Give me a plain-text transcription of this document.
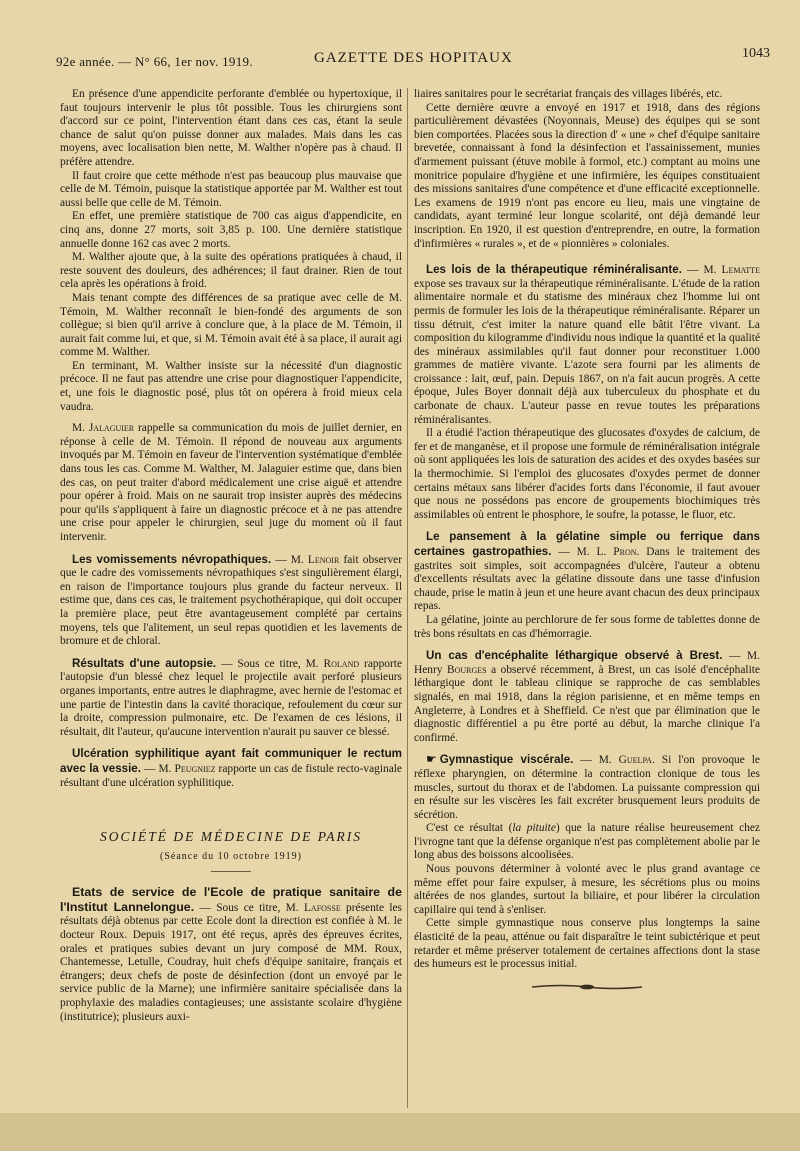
92e année. — N° 66, 1er nov. 1919.	GAZETTE DES HOPITAUX	1043

En présence d'une appendicite perforante d'emblée ou hypertoxique, il faut toujours intervenir le plus tôt possible. Tous les chirurgiens sont d'accord sur ce point, l'intervention étant dans ces cas, étant la seule chance de salut qu'on puisse donner aux malades. Mais dans les cas moyens, avec localisation bien nette, M. Walther n'opère pas à chaud. Il préfère attendre.

Il faut croire que cette méthode n'est pas beaucoup plus mauvaise que celle de M. Témoin, puisque la statistique apportée par M. Walther est tout aussi belle que celle de M. Témoin.

En effet, une première statistique de 700 cas aigus d'appendicite, en cinq ans, donne 27 morts, soit 3,85 p. 100. Une dernière statistique annuelle donne 162 cas avec 2 morts.

M. Walther ajoute que, à la suite des opérations pratiquées à chaud, il reste souvent des douleurs, des adhérences; il faut drainer. Rien de tout cela après les opérations à froid.

Mais tenant compte des différences de sa pratique avec celle de M. Témoin, M. Walther reconnaît le bien-fondé des arguments de son collègue; si bien qu'il arrive à conclure que, à la place de M. Témoin, il aurait fait comme lui, et que, si M. Témoin avait été à sa place, il aurait agi comme M. Walther.

En terminant, M. Walther insiste sur la nécessité d'un diagnostic précoce. Il ne faut pas attendre une crise pour diagnostiquer l'appendicite, et, une fois le diagnostic posé, plus tôt on opérera à froid mieux cela vaudra.

M. Jalaguier rappelle sa communication du mois de juillet dernier, en réponse à celle de M. Témoin. Il répond de nouveau aux arguments invoqués par M. Témoin en faveur de l'intervention systématique d'emblée dans tous les cas. Comme M. Walther, M. Jalaguier estime que, dans bien des cas, on peut traiter d'abord médicalement une crise aiguë et attendre pour opérer à froid. Mais on ne saurait trop insister auprès des médecins pour qu'ils s'appliquent à faire un diagnostic précoce et à ne pas attendre une crise pour appeler le chirurgien, seul juge du moment où il faut intervenir.

Les vomissements névropathiques. — M. Lenoir fait observer que le cadre des vomissements névropathiques s'est singulièrement élargi, en raison de l'importance toujours plus grande du facteur nerveux. Il estime que, dans ces cas, le traitement psychothérapique, qui doit occuper la première place, peut être avantageusement complété par certains moyens, tels que l'alitement, un seul repas quotidien et les lavements de bromure et de chloral.

Résultats d'une autopsie. — Sous ce titre, M. Roland rapporte l'autopsie d'un blessé chez lequel le projectile avait perforé plusieurs organes importants, entre autres le diaphragme, avec hernie de l'estomac et une partie de l'intestin dans la cavité thoracique, refoulement du cœur sur la droite, compression pulmonaire, etc. De l'examen de ces lésions, il résultait, dit l'auteur, qu'aucune intervention n'aurait pu sauver ce blessé.

Ulcération syphilitique ayant fait communiquer le rectum avec la vessie. — M. Peugniez rapporte un cas de fistule recto-vaginale résultant d'une ulcération syphilitique.

SOCIÉTÉ DE MÉDECINE DE PARIS
(Séance du 10 octobre 1919)

Etats de service de l'Ecole de pratique sanitaire de l'Institut Lannelongue. — Sous ce titre, M. Lafosse présente les résultats déjà obtenus par cette Ecole dont la direction est confiée à M. le docteur Roux. Depuis 1917, ont été reçus, après des épreuves écrites, orales et pratiques subies devant un jury composé de MM. Roux, Chantemesse, Letulle, Coudray, huit chefs d'équipe sanitaire, français et étrangers; deux chefs de poste de désinfection (dont un envoyé par le service public de la Marne); une infirmière sanitaire spécialisée dans la prophylaxie des maladies contagieuses; une assistante scolaire d'hygiène (institutrice); plusieurs auxi-

liaires sanitaires pour le secrétariat français des villages libérés, etc.

Cette dernière œuvre a envoyé en 1917 et 1918, dans des régions particulièrement dévastées (Noyonnais, Meuse) des équipes qui se sont bien comportées. Placées sous la direction d' « une » chef d'équipe sanitaire brevetée, connaissant à fond la désinfection et l'assainissement, munies d'armement puissant (étuve mobile à formol, etc.) comptant au moins une monitrice populaire d'hygiène et une infirmière, les équipes constituaient des missions sanitaires d'une compétence et d'une efficacité exceptionnelle. Les examens de 1919 n'ont pas encore eu lieu, mais une vingtaine de candidats, ayant terminé leur longue scolarité, ont déjà demandé leur inscription. En 1920, il est question d'entreprendre, en outre, la formation d'infirmières « rurales », et de « pionnières » coloniales.

Les lois de la thérapeutique réminéralisante. — M. Lemattе expose ses travaux sur la thérapeutique réminéralisante. L'étude de la ration alimentaire normale et du statisme des minéraux chez l'homme lui ont permis de formuler les lois de la thérapeutique réminéralisante. Réparer un tissu détruit, c'est imiter la nature quand elle bâtit l'être vivant. La composition du kilogramme d'individu nous indique la quantité et la qualité des minéraux assimilables qu'il faut donner pour reconstituer 1.000 grammes de matière vivante. L'azote sera fourni par les aliments de croissance : lait, œuf, pain. Depuis 1867, on n'a fait aucun progrès. A cette époque, Jules Boyer donnait déjà aux tuberculeux du phosphate et du carbonate de chaux. L'auteur passe en revue toutes les préparations réminéralisantes.

Il a étudié l'action thérapeutique des glucosates d'oxydes de calcium, de fer et de manganèse, et il propose une formule de réminéralisation intégrale où sont appliquées les lois de saturation des acides et des oxydes basées sur la thermochimie. Si l'emploi des glucosates d'oxydes permet de donner certains métaux sans libérer d'acides forts dans l'économie, il faut avouer que nous ne possédons pas encore de groupements biochimiques très assimilables où entrent le phosphore, le soufre, la potasse, le fluor, etc.

Le pansement à la gélatine simple ou ferrique dans certaines gastropathies. — M. L. Pron. Dans le traitement des gastrites soit simples, soit accompagnées d'ulcère, l'auteur a obtenu d'excellents résultats avec la gélatine dissoute dans une tasse d'infusion chaude, prise le matin à jeun et une heure avant chacun des deux principaux repas.

La gélatine, jointe au perchlorure de fer sous forme de tablettes donne de très bons résultats en cas d'hémorragie.

Un cas d'encéphalite léthargique observé à Brest. — M. Henry Bourges a observé récemment, à Brest, un cas isolé d'encéphalite léthargique dont le tableau clinique se rapproche de cas semblables signalés, en mai 1918, dans la région parisienne, et en même temps en Angleterre, à Londres et à Sheffield. Ce n'est que par élimination que le diagnostic différentiel a pu être porté au début, la marche clinique l'a confirmé.

☛ Gymnastique viscérale. — M. Guelpa. Si l'on provoque le réflexe pharyngien, on détermine la contraction clonique de tous les muscles, surtout du thorax et de l'abdomen. La puissante compression qui en résulte sur les viscères les fait excréter brusquement leurs produits de sécrétion.

C'est ce résultat (la pituite) que la nature réalise heureusement chez l'ivrogne tant que la défense organique n'est pas complètement abolie par le long abus des boissons alcoolisées.

Nous pouvons déterminer à volonté avec le plus grand avantage ce même effet pour faire expulser, à mesure, les sécrétions plus ou moins altérées de nos glandes, surtout la biliaire, et pour libérer la circulation capillaire qui tend à s'enliser.

Cette simple gymnastique nous conserve plus longtemps la saine élasticité de la peau, atténue ou fait disparaître le teint subictérique et peut retarder et même préserver totalement de certaines affections dont la stase des humeurs est le processus initial.
